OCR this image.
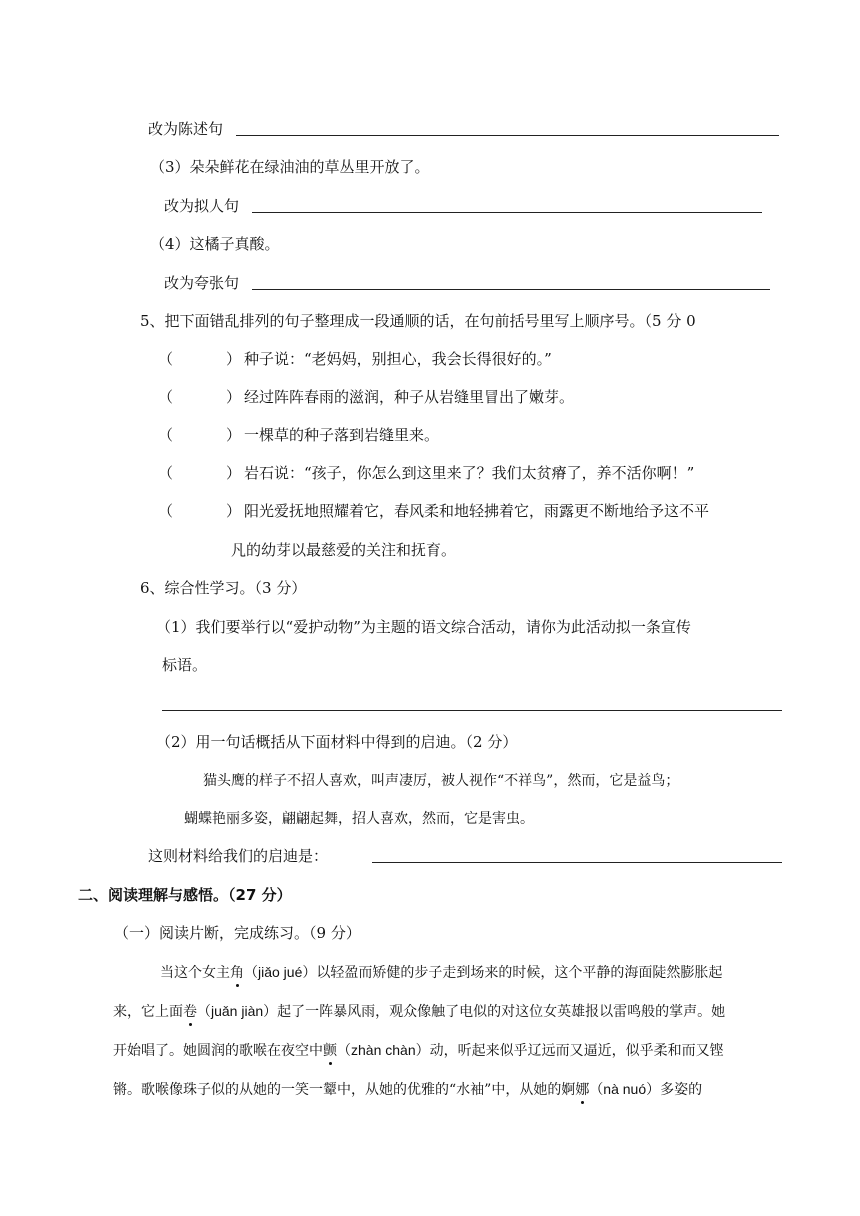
改为陈述句
（3）朵朵鲜花在绿油油的草丛里开放了。
改为拟人句
（4）这橘子真酸。
改为夸张句
5、把下面错乱排列的句子整理成一段通顺的话，在句前括号里写上顺序号。（5 分 0
（	） 种子说：“老妈妈，别担心，我会长得很好的。”
（	） 经过阵阵春雨的滋润，种子从岩缝里冒出了嫩芽。
（	） 一棵草的种子落到岩缝里来。
（	） 岩石说：“孩子，你怎么到这里来了？我们太贫瘠了，养不活你啊！”
（	） 阳光爱抚地照耀着它，春风柔和地轻拂着它，雨露更不断地给予这不平
凡的幼芽以最慈爱的关注和抚育。
6、综合性学习。（3 分）
（1）我们要举行以“爱护动物”为主题的语文综合活动，请你为此活动拟一条宣传
标语。
（2）用一句话概括从下面材料中得到的启迪。（2 分）
猫头鹰的样子不招人喜欢，叫声凄厉，被人视作“不祥鸟”，然而，它是益鸟；
蝴蝶艳丽多姿，翩翩起舞，招人喜欢，然而，它是害虫。
这则材料给我们的启迪是：
二、阅读理解与感悟。（27 分）
（一）阅读片断，完成练习。（9 分）
当这个女主角（jiǎo jué）以轻盈而矫健的步子走到场来的时候，这个平静的海面陡然膨胀起
来，它上面卷（juǎn jiàn）起了一阵暴风雨，观众像触了电似的对这位女英雄报以雷鸣般的掌声。她
开始唱了。她圆润的歌喉在夜空中颤（zhàn chàn）动，听起来似乎辽远而又逼近，似乎柔和而又铿
锵。歌喉像珠子似的从她的一笑一颦中，从她的优雅的“水袖”中，从她的婀娜（nà nuó）多姿的
